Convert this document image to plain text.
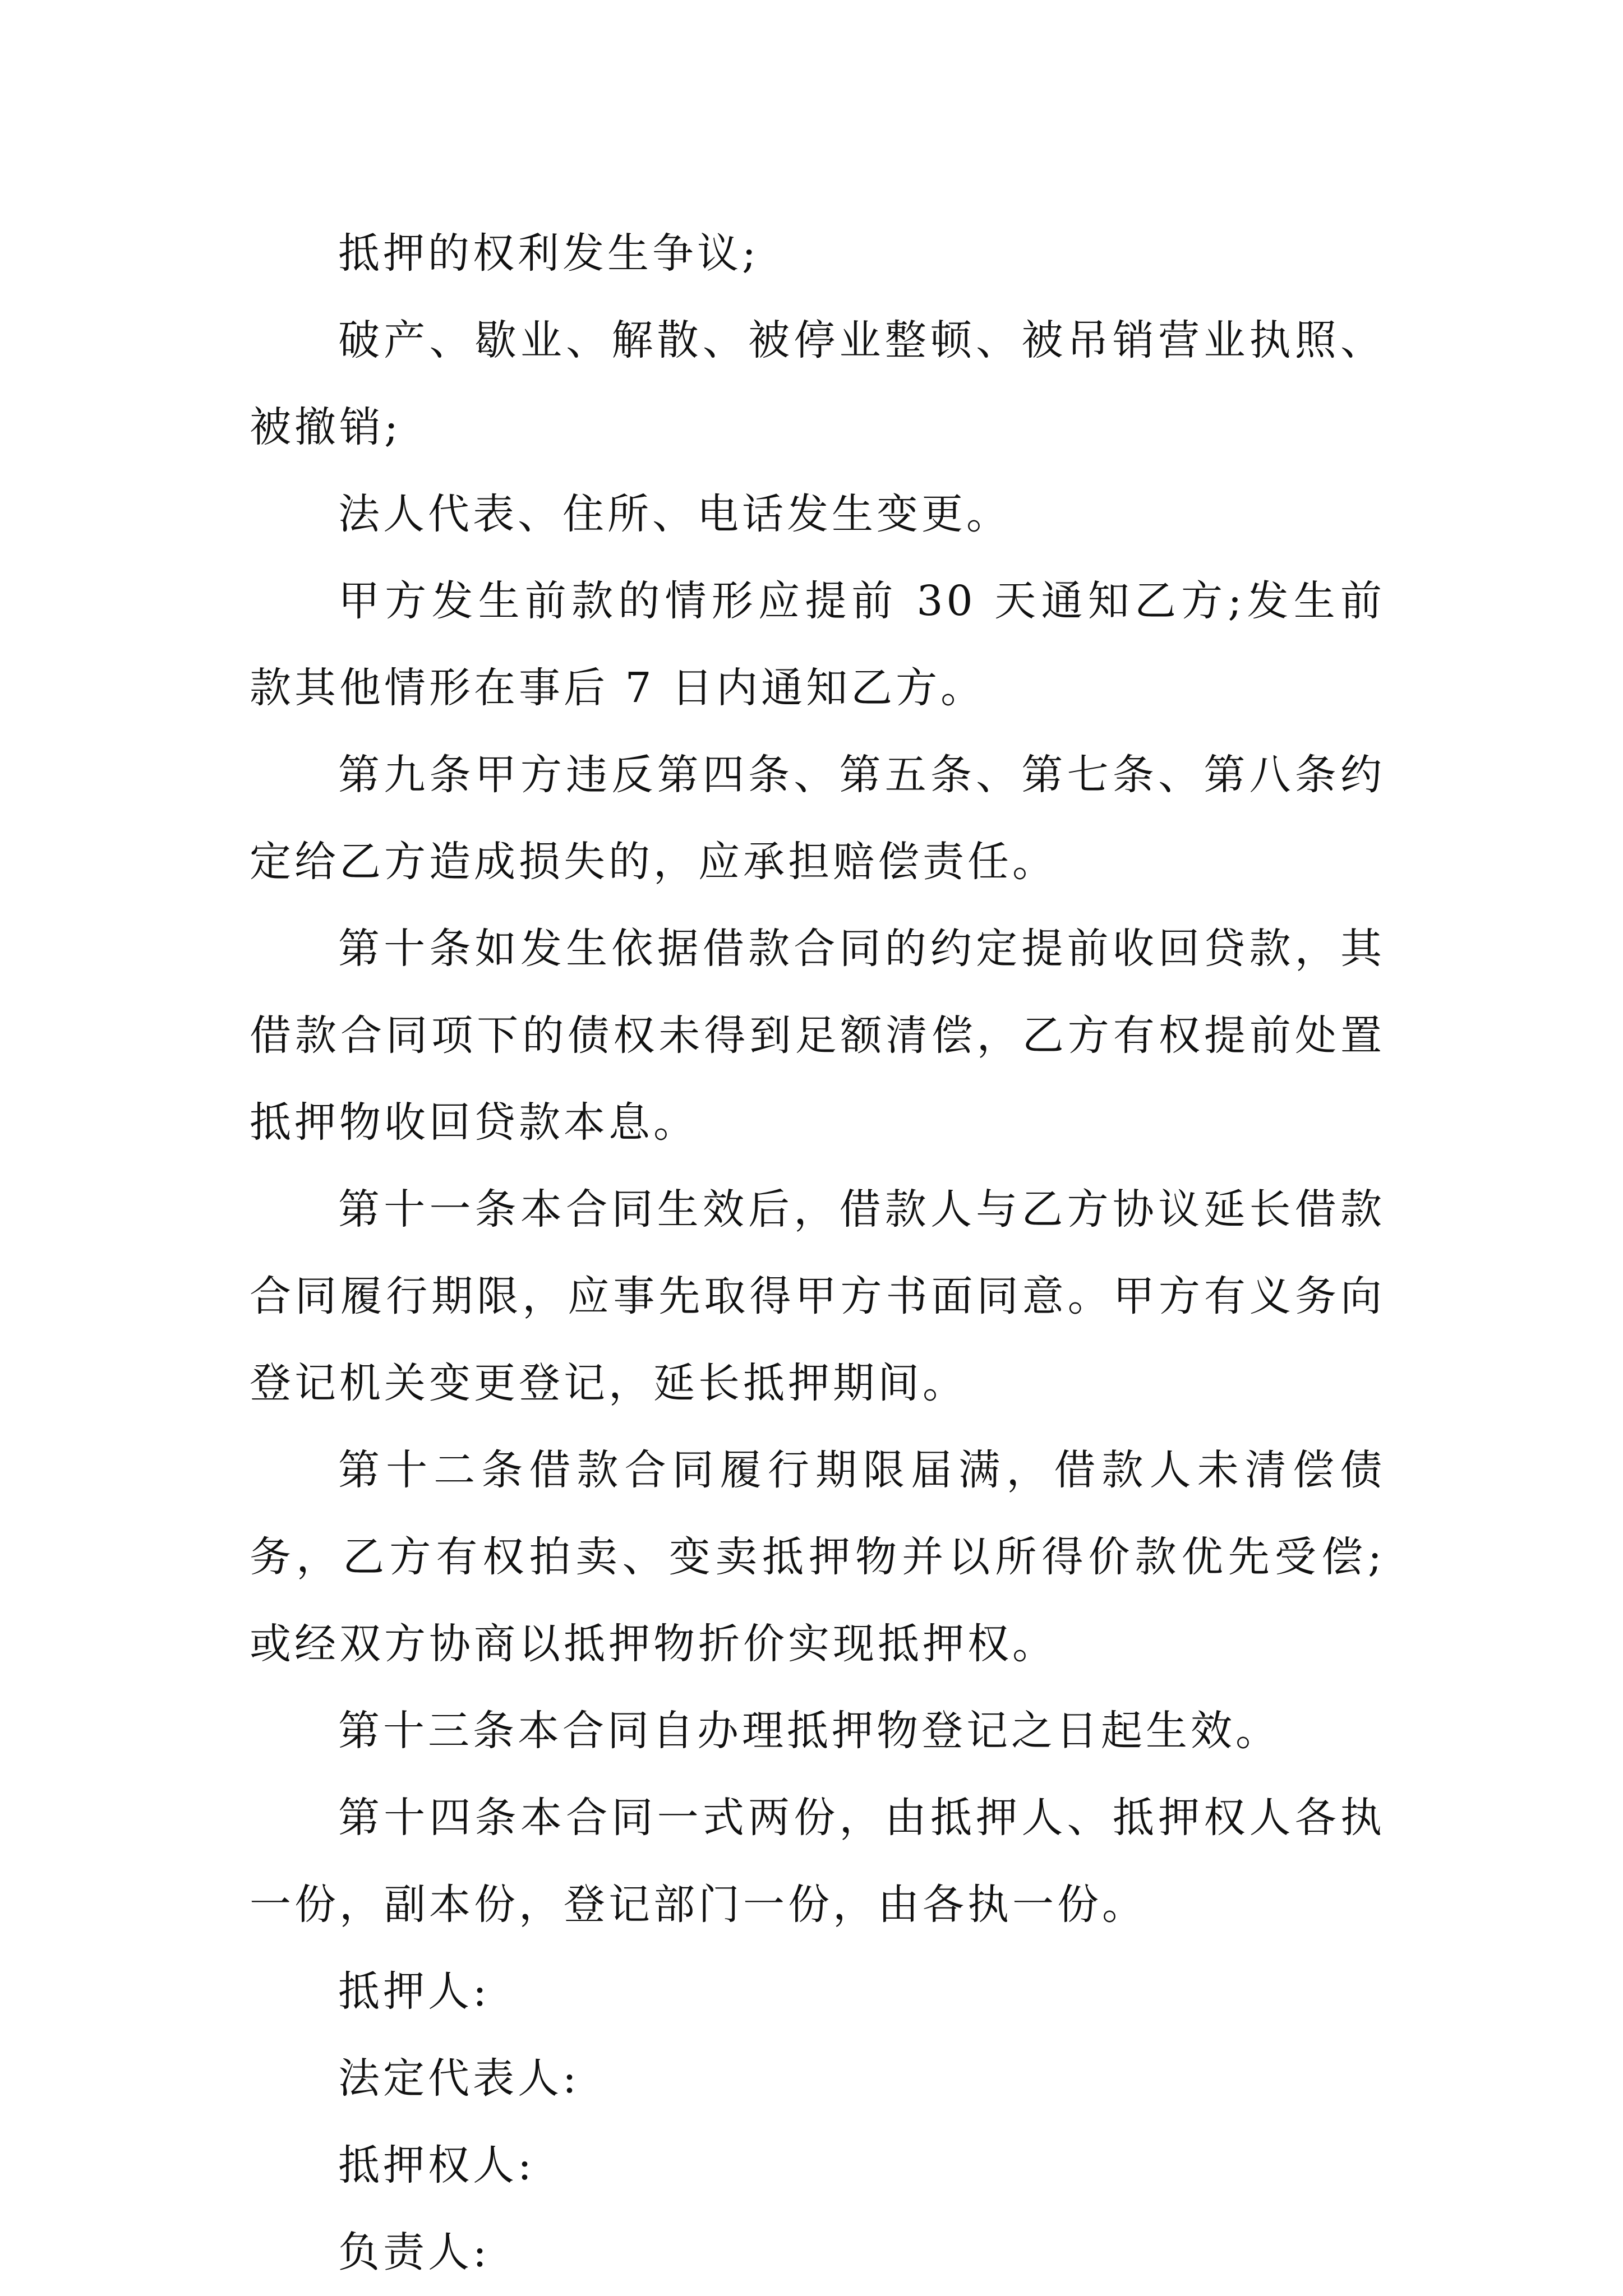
抵押的权利发生争议;

破产、歇业、解散、被停业整顿、被吊销营业执照、被撤销;

法人代表、住所、电话发生变更。

甲方发生前款的情形应提前 30 天通知乙方;发生前款其他情形在事后 7 日内通知乙方。

第九条甲方违反第四条、第五条、第七条、第八条约定给乙方造成损失的，应承担赔偿责任。

第十条如发生依据借款合同的约定提前收回贷款，其借款合同项下的债权未得到足额清偿，乙方有权提前处置抵押物收回贷款本息。

第十一条本合同生效后，借款人与乙方协议延长借款合同履行期限，应事先取得甲方书面同意。甲方有义务向登记机关变更登记，延长抵押期间。

第十二条借款合同履行期限届满，借款人未清偿债务，乙方有权拍卖、变卖抵押物并以所得价款优先受偿;或经双方协商以抵押物折价实现抵押权。

第十三条本合同自办理抵押物登记之日起生效。

第十四条本合同一式两份，由抵押人、抵押权人各执一份，副本份，登记部门一份，由各执一份。

抵押人:

法定代表人:

抵押权人:

负责人:
